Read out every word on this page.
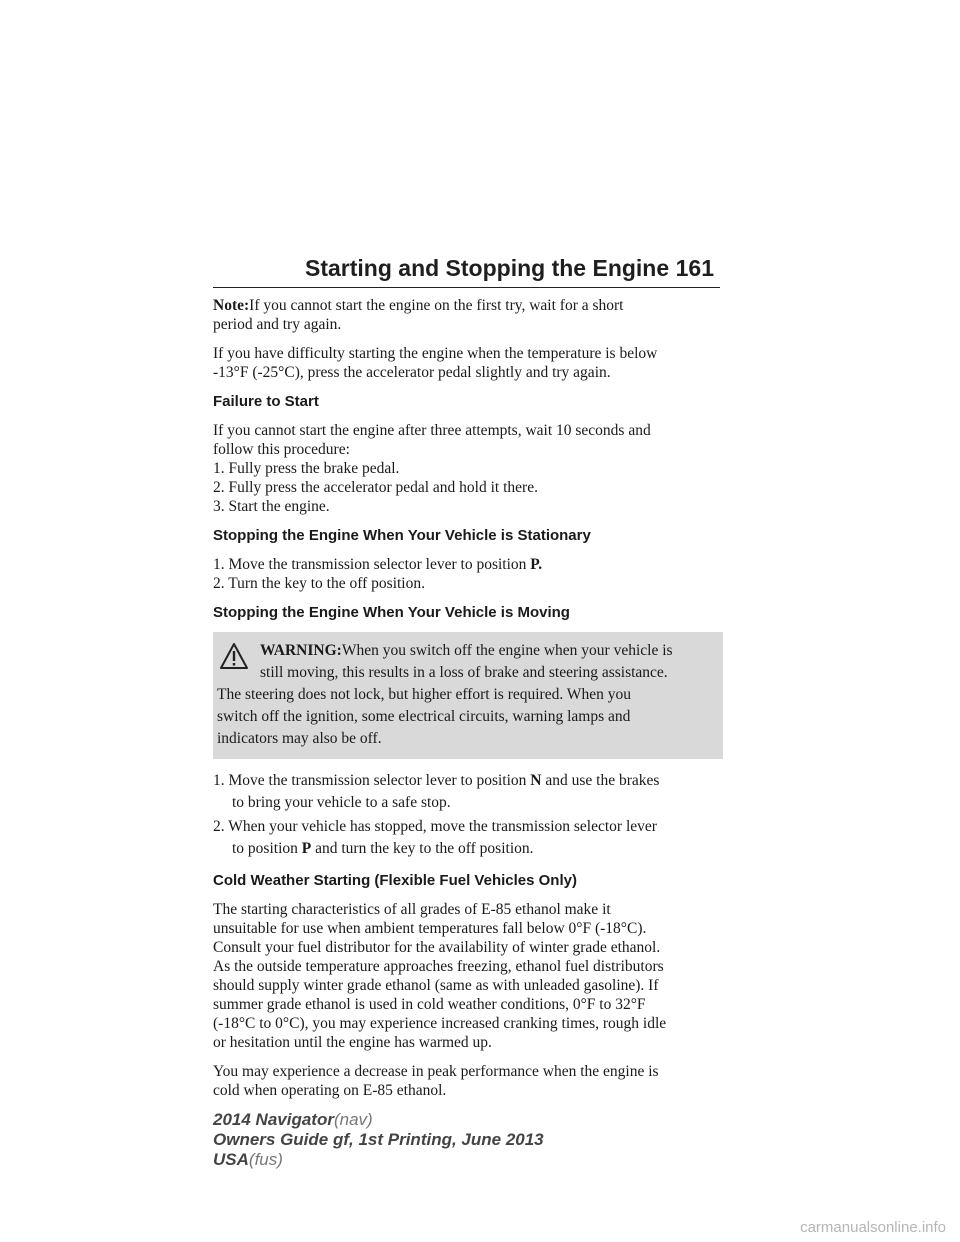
Starting and Stopping the Engine 161
Note:If you cannot start the engine on the first try, wait for a short
period and try again.
If you have difficulty starting the engine when the temperature is below
-13°F (-25°C), press the accelerator pedal slightly and try again.
Failure to Start
If you cannot start the engine after three attempts, wait 10 seconds and
follow this procedure:
1. Fully press the brake pedal.
2. Fully press the accelerator pedal and hold it there.
3. Start the engine.
Stopping the Engine When Your Vehicle is Stationary
1. Move the transmission selector lever to position P.
2. Turn the key to the off position.
Stopping the Engine When Your Vehicle is Moving
WARNING:When you switch off the engine when your vehicle is
still moving, this results in a loss of brake and steering assistance.
The steering does not lock, but higher effort is required. When you
switch off the ignition, some electrical circuits, warning lamps and
indicators may also be off.
1. Move the transmission selector lever to position N and use the brakes
to bring your vehicle to a safe stop.
2. When your vehicle has stopped, move the transmission selector lever
to position P and turn the key to the off position.
Cold Weather Starting (Flexible Fuel Vehicles Only)
The starting characteristics of all grades of E-85 ethanol make it
unsuitable for use when ambient temperatures fall below 0°F (-18°C).
Consult your fuel distributor for the availability of winter grade ethanol.
As the outside temperature approaches freezing, ethanol fuel distributors
should supply winter grade ethanol (same as with unleaded gasoline). If
summer grade ethanol is used in cold weather conditions, 0°F to 32°F
(-18°C to 0°C), you may experience increased cranking times, rough idle
or hesitation until the engine has warmed up.
You may experience a decrease in peak performance when the engine is
cold when operating on E-85 ethanol.
2014 Navigator(nav)
Owners Guide gf, 1st Printing, June 2013
USA(fus)
carmanualsonline.info
